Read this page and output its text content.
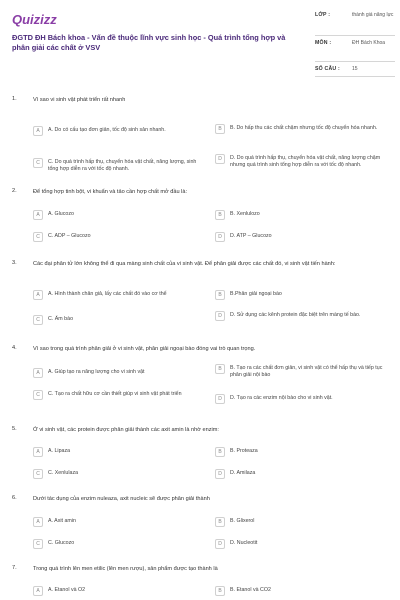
Quizizz
ĐGTD ĐH Bách khoa - Vấn đề thuộc lĩnh vực sinh học - Quá trình tổng hợp và phân giải các chất ở VSV
LỚP :	thành giá năng lực
MÔN :	ĐH Bách Khoa
SỐ CÂU : 15
1.	Vì sao vi sinh vật phát triển rất nhanh
A	A. Do có cấu tạo đơn giản, tốc độ sinh sản nhanh.	B	B. Do hấp thu các chất chậm nhưng tốc độ chuyển hóa nhanh.
C	C. Do quá trình hấp thụ, chuyển hóa vật chất, năng lượng, sinh tổng hợp diễn ra với tốc độ nhanh.
D	D. Do quá trình hấp thụ, chuyển hóa vật chất, năng lượng chậm nhưng quá trình sinh tổng hợp diễn ra với tốc độ nhanh.
2.	Để tổng hợp tinh bột, vi khuẩn và tảo cần hợp chất mở đầu là:
A	A. Glucozo	B	B. Xenlulozo
C	C. ADP – Glucozo	D	D. ATP – Glucozo
3.	Các đại phân tử lớn không thể đi qua màng sinh chất của vi sinh vật. Để phân giải được các chất đó, vi sinh vật tiến hành:
A	A. Hình thành chân giả, lấy các chất đó vào cơ thể	B	B.Phân giải ngoại bào
C	C. Ẩm bào	D	D. Sử dụng các kênh protein đặc biệt trên màng tế bào.
4.	Vì sao trong quá trình phân giải ở vi sinh vật, phân giải ngoại bào đóng vai trò quan trọng.
A	A. Giúp tạo ra năng lượng cho vi sinh vật	B	B. Tạo ra các chất đơn giản, vi sinh vật có thể hấp thụ và tiếp tục phân giải nội bào
C	C. Tạo ra chất hữu cơ cần thiết giúp vi sinh vật phát triển
D	D. Tạo ra các enzim nội bào cho vi sinh vật.
5.	Ở vi sinh vật, các protein được phân giải thành các axit amin là nhờ enzim:
A	A. Lipaza	B	B. Proteaza
C	C. Xenlulaza	D	D. Amilaza
6.	Dưới tác dụng của enzim nuleaza, axit nucleic sẽ được phân giải thành
A	A. Axit amin	B	B. Glixerol
C	C. Glucozo	D	D. Nucleotit
7.	Trong quá trình lên men etilic (lên men rượu), sản phẩm được tạo thành là
A	A. Etanol và O2	B	B. Etanol và CO2
